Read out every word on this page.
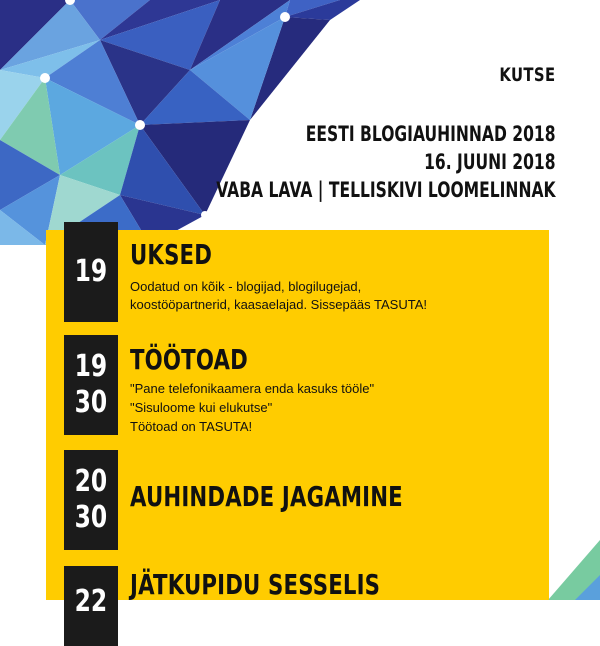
KUTSE
EESTI BLOGIAUHINNAD 2018
16. JUUNI 2018
VABA LAVA | TELLISKIVI LOOMELINNAK
19 UKSED
Oodatud on kõik - blogijad, blogilugejad,
koostööpartnerid, kaasaelajad. Sissepääs TASUTA!
19
30
TÖÖTOAD
"Pane telefonikaamera enda kasuks tööle"
"Sisuloome kui elukutse"
Töötoad on TASUTA!
20
30
AUHINDADE JAGAMINE
22 JÄTKUPIDU SESSELIS
